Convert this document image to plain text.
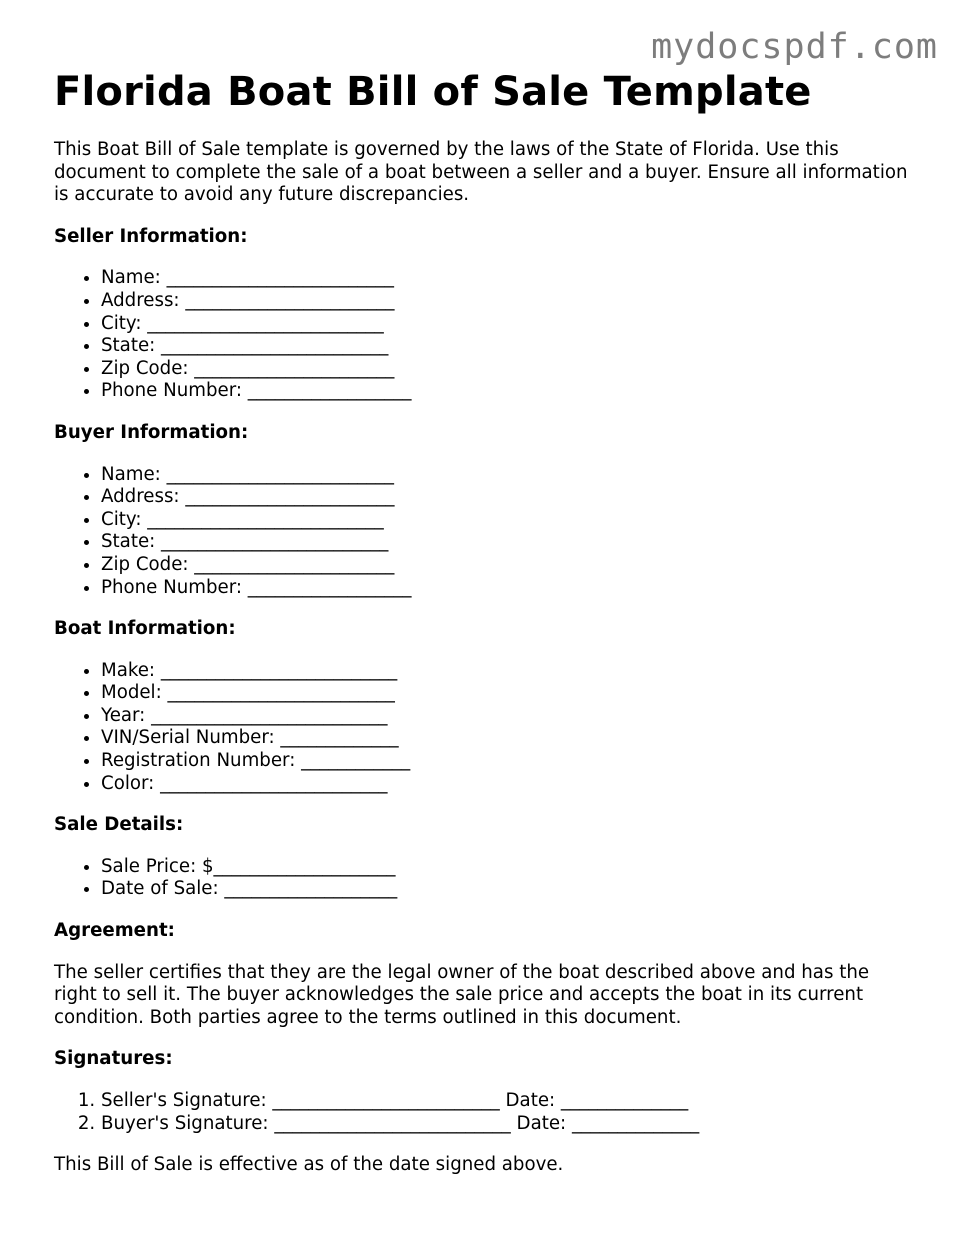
mydocspdf.com
Florida Boat Bill of Sale Template

This Boat Bill of Sale template is governed by the laws of the State of Florida. Use this document to complete the sale of a boat between a seller and a buyer. Ensure all information is accurate to avoid any future discrepancies.

Seller Information:
• Name: _________________________
• Address: _______________________
• City: __________________________
• State: _________________________
• Zip Code: ______________________
• Phone Number: __________________
Buyer Information:
• Name: _________________________
• Address: _______________________
• City: __________________________
• State: _________________________
• Zip Code: ______________________
• Phone Number: __________________
Boat Information:
• Make: __________________________
• Model: _________________________
• Year: __________________________
• VIN/Serial Number: _____________
• Registration Number: ____________
• Color: _________________________
Sale Details:
• Sale Price: $____________________
• Date of Sale: ___________________
Agreement:

The seller certifies that they are the legal owner of the boat described above and has the right to sell it. The buyer acknowledges the sale price and accepts the boat in its current condition. Both parties agree to the terms outlined in this document.

Signatures:
1. Seller's Signature: _________________________ Date: ______________
2. Buyer's Signature: __________________________ Date: ______________

This Bill of Sale is effective as of the date signed above.
